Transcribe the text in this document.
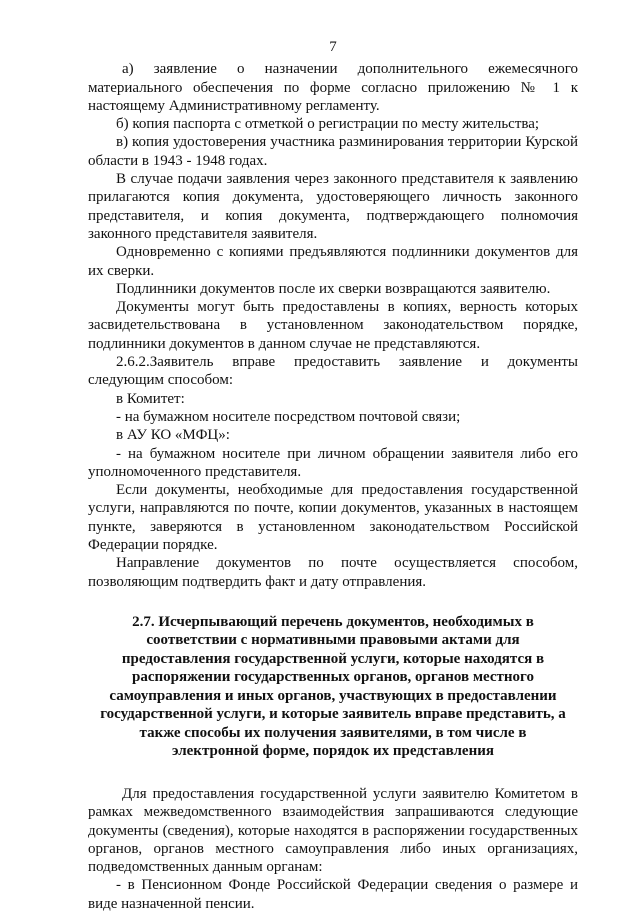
7

а) заявление о назначении дополнительного ежемесячного материального обеспечения по форме согласно приложению № 1 к настоящему Административному регламенту.

б) копия паспорта с отметкой о регистрации по месту жительства;

в) копия удостоверения участника разминирования территории Курской области в 1943 - 1948 годах.

В случае подачи заявления через законного представителя к заявлению прилагаются копия документа, удостоверяющего личность законного представителя, и копия документа, подтверждающего полномочия законного представителя заявителя.

Одновременно с копиями предъявляются подлинники документов для их сверки.

Подлинники документов после их сверки возвращаются заявителю.

Документы могут быть предоставлены в копиях, верность которых засвидетельствована в установленном законодательством порядке, подлинники документов в данном случае не представляются.

2.6.2.Заявитель вправе предоставить заявление и документы следующим способом:

в Комитет:

- на бумажном носителе посредством почтовой связи;

в АУ КО «МФЦ»:

- на бумажном носителе при личном обращении заявителя либо его уполномоченного представителя.

Если документы, необходимые для предоставления государственной услуги, направляются по почте, копии документов, указанных в настоящем пункте, заверяются в установленном законодательством Российской Федерации порядке.

Направление документов по почте осуществляется способом, позволяющим подтвердить факт и дату отправления.

2.7. Исчерпывающий перечень документов, необходимых в соответствии с нормативными правовыми актами для предоставления государственной услуги, которые находятся в распоряжении государственных органов, органов местного самоуправления и иных органов, участвующих в предоставлении государственной услуги, и которые заявитель вправе представить, а также способы их получения заявителями, в том числе в электронной форме, порядок их представления

Для предоставления государственной услуги заявителю Комитетом в рамках межведомственного взаимодействия запрашиваются следующие документы (сведения), которые находятся в распоряжении государственных органов, органов местного самоуправления либо иных организациях, подведомственных данным органам:

- в Пенсионном Фонде Российской Федерации сведения о размере и виде назначенной пенсии.
